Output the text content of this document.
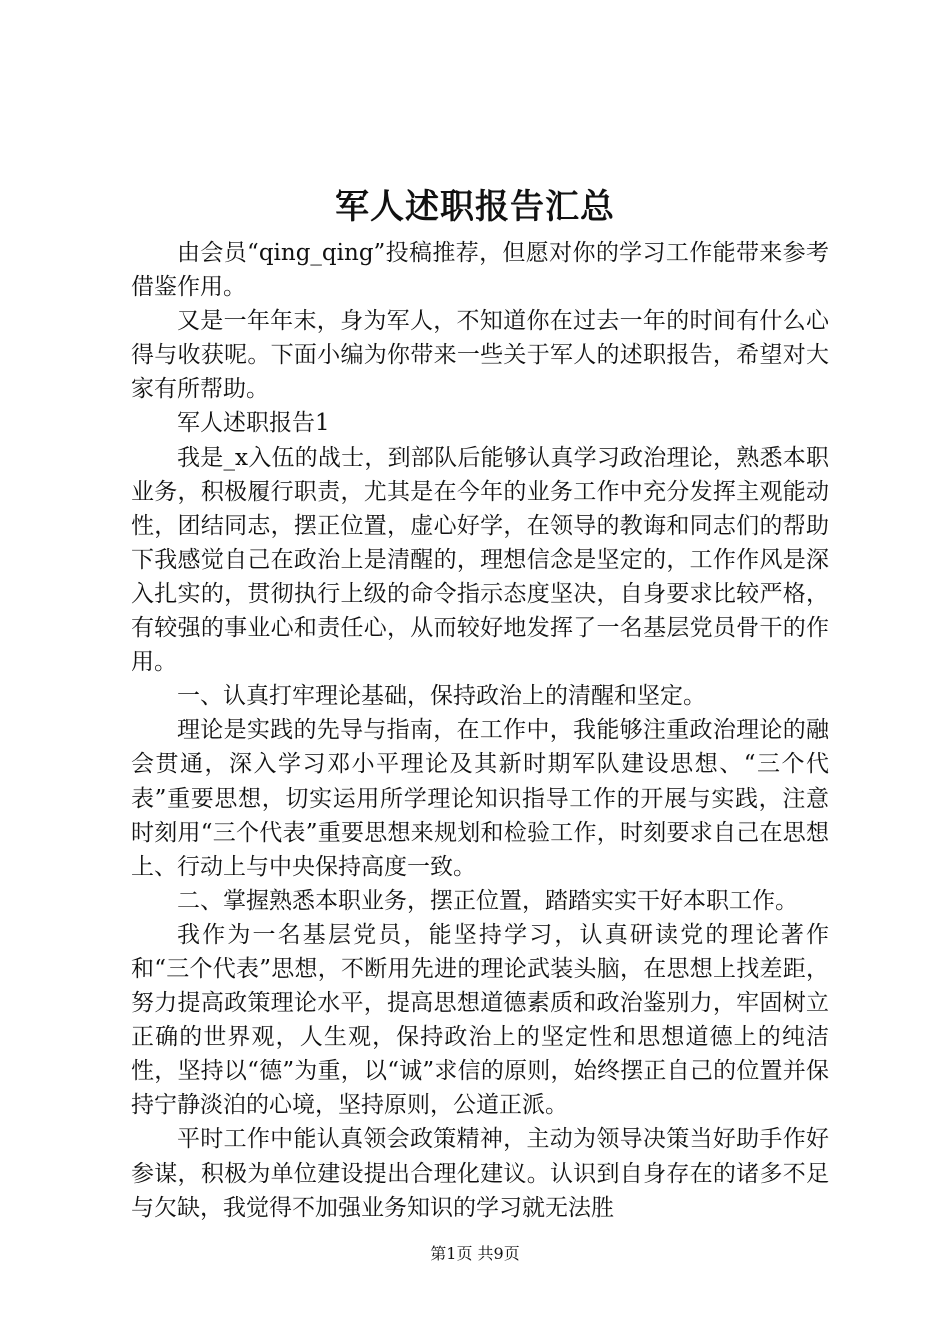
军人述职报告汇总

由会员“qing_qing”投稿推荐，但愿对你的学习工作能带来参考借鉴作用。

又是一年年末，身为军人，不知道你在过去一年的时间有什么心得与收获呢。下面小编为你带来一些关于军人的述职报告，希望对大家有所帮助。

军人述职报告1

我是_x入伍的战士，到部队后能够认真学习政治理论，熟悉本职业务，积极履行职责，尤其是在今年的业务工作中充分发挥主观能动性，团结同志，摆正位置，虚心好学，在领导的教诲和同志们的帮助下我感觉自己在政治上是清醒的，理想信念是坚定的，工作作风是深入扎实的，贯彻执行上级的命令指示态度坚决，自身要求比较严格，有较强的事业心和责任心，从而较好地发挥了一名基层党员骨干的作用。

一、认真打牢理论基础，保持政治上的清醒和坚定。

理论是实践的先导与指南，在工作中，我能够注重政治理论的融会贯通，深入学习邓小平理论及其新时期军队建设思想、“三个代表”重要思想，切实运用所学理论知识指导工作的开展与实践，注意时刻用“三个代表”重要思想来规划和检验工作，时刻要求自己在思想上、行动上与中央保持高度一致。

二、掌握熟悉本职业务，摆正位置，踏踏实实干好本职工作。

我作为一名基层党员，能坚持学习，认真研读党的理论著作和“三个代表”思想，不断用先进的理论武装头脑，在思想上找差距，努力提高政策理论水平，提高思想道德素质和政治鉴别力，牢固树立正确的世界观，人生观，保持政治上的坚定性和思想道德上的纯洁性，坚持以“德”为重，以“诚”求信的原则，始终摆正自己的位置并保持宁静淡泊的心境，坚持原则，公道正派。

平时工作中能认真领会政策精神，主动为领导决策当好助手作好参谋，积极为单位建设提出合理化建议。认识到自身存在的诸多不足与欠缺，我觉得不加强业务知识的学习就无法胜

第1页 共9页
